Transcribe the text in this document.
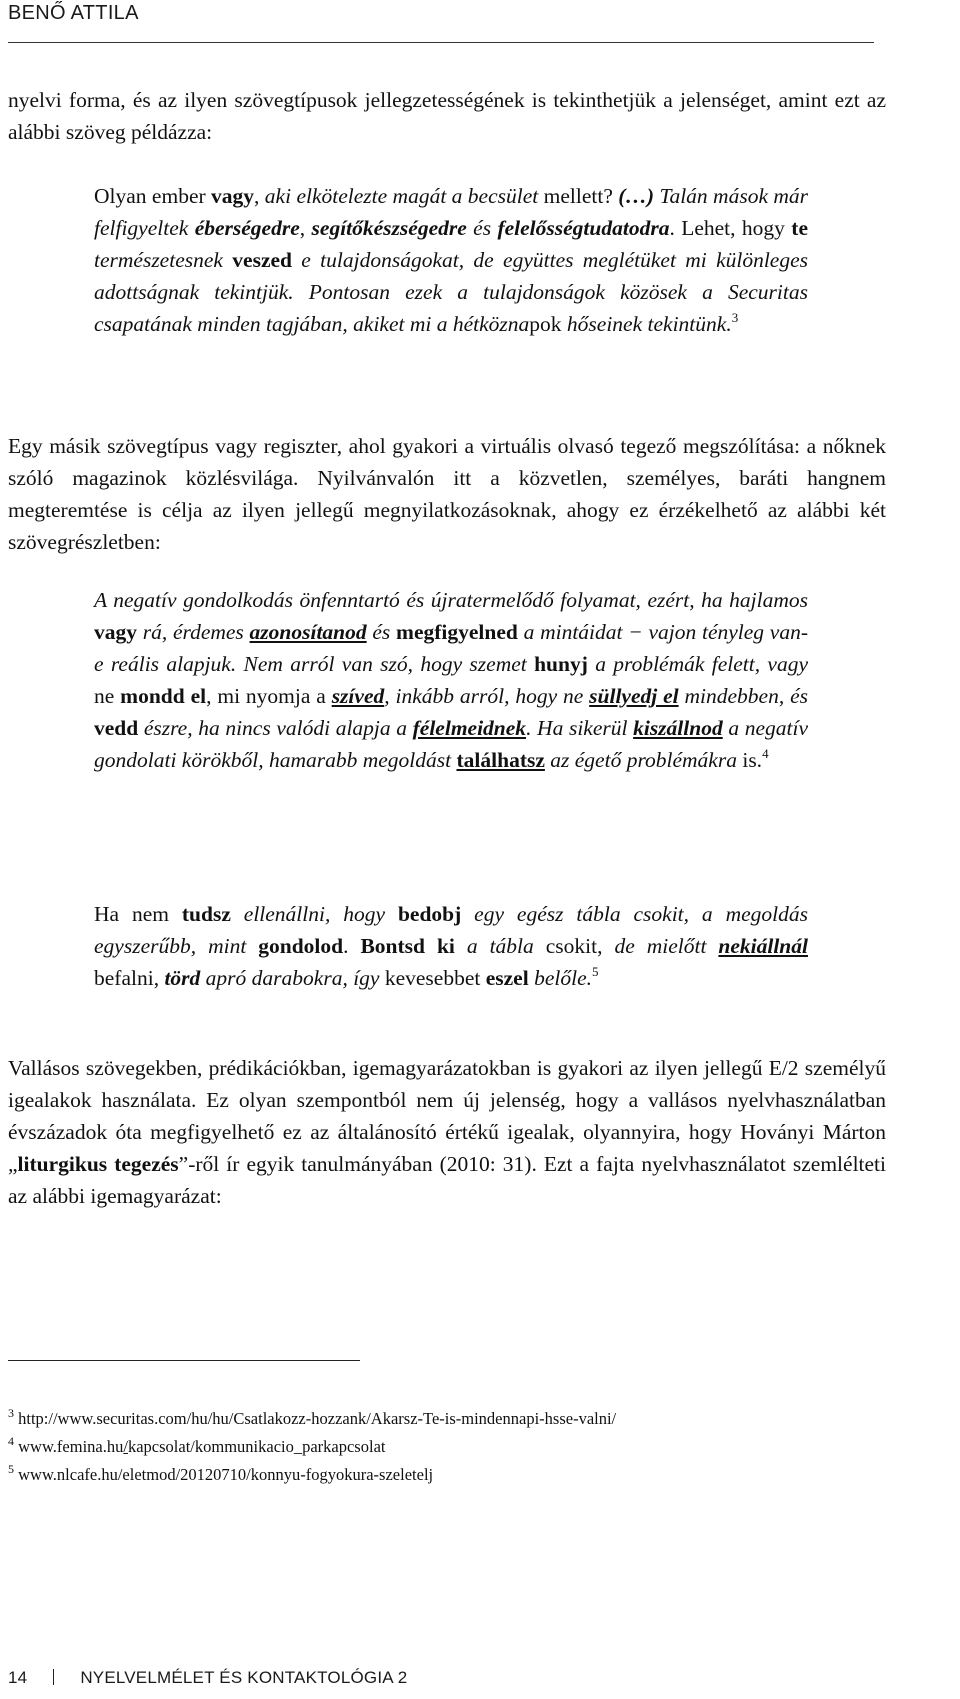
BENŐ ATTILA

nyelvi forma, és az ilyen szövegtípusok jellegzetességének is tekinthetjük a jelenséget, amint ezt az alábbi szöveg példázza:

Olyan ember vagy, aki elkötelezte magát a becsület mellett? (…) Talán mások már felfigyeltek éberségedre, segítőkészségedre és felelősségtudatodra. Lehet, hogy te természetesnek veszed e tulajdonságokat, de együttes meglétüket mi különleges adottságnak tekintjük. Pontosan ezek a tulajdonságok közösek a Securitas csapatának minden tagjában, akiket mi a hétköznapok hőseinek tekintünk.$^3$

Egy másik szövegtípus vagy regiszter, ahol gyakori a virtuális olvasó tegező megszólítása: a nőknek szóló magazinok közlésvilága. Nyilvánvalón itt a közvetlen, személyes, baráti hangnem megteremtése is célja az ilyen jellegű megnyilatkozásoknak, ahogy ez érzékelhető az alábbi két szövegrészletben:

A negatív gondolkodás önfenntartó és újratermelődő folyamat, ezért, ha hajlamos vagy rá, érdemes azonosítanod és megfigyelned a mintáidat − vajon tényleg van-e reális alapjuk. Nem arról van szó, hogy szemet hunyj a problémák felett, vagy ne mondd el, mi nyomja a szíved, inkább arról, hogy ne süllyedj el mindebben, és vedd észre, ha nincs valódi alapja a félelmeidnek. Ha sikerül kiszállnod a negatív gondolati körökből, hamarabb megoldást találhatsz az égető problémákra is.$^4$

Ha nem tudsz ellenállni, hogy bedobj egy egész tábla csokit, a megoldás egyszerűbb, mint gondolod. Bontsd ki a tábla csokit, de mielőtt nekiállnál befalni, törd apró darabokra, így kevesebbet eszel belőle.$^5$

Vallásos szövegekben, prédikációkban, igemagyarázatokban is gyakori az ilyen jellegű E/2 személyű igealakok használata. Ez olyan szempontból nem új jelenség, hogy a vallásos nyelvhasználatban évszázadok óta megfigyelhető ez az általánosító értékű igealak, olyannyira, hogy Hoványi Márton „liturgikus tegezés”-ről ír egyik tanulmányában (2010: 31). Ezt a fajta nyelvhasználatot szemlélteti az alábbi igemagyarázat:

$^3$ http://www.securitas.com/hu/hu/Csatlakozz-hozzank/Akarsz-Te-is-mindennapi-hsse-valni/
$^4$ www.femina.hu/kapcsolat/kommunikacio_parkapcsolat
$^5$ www.nlcafe.hu/eletmod/20120710/konnyu-fogyokura-szeletelj
14	NYELVELMÉLET ÉS KONTAKTOLÓGIA 2
